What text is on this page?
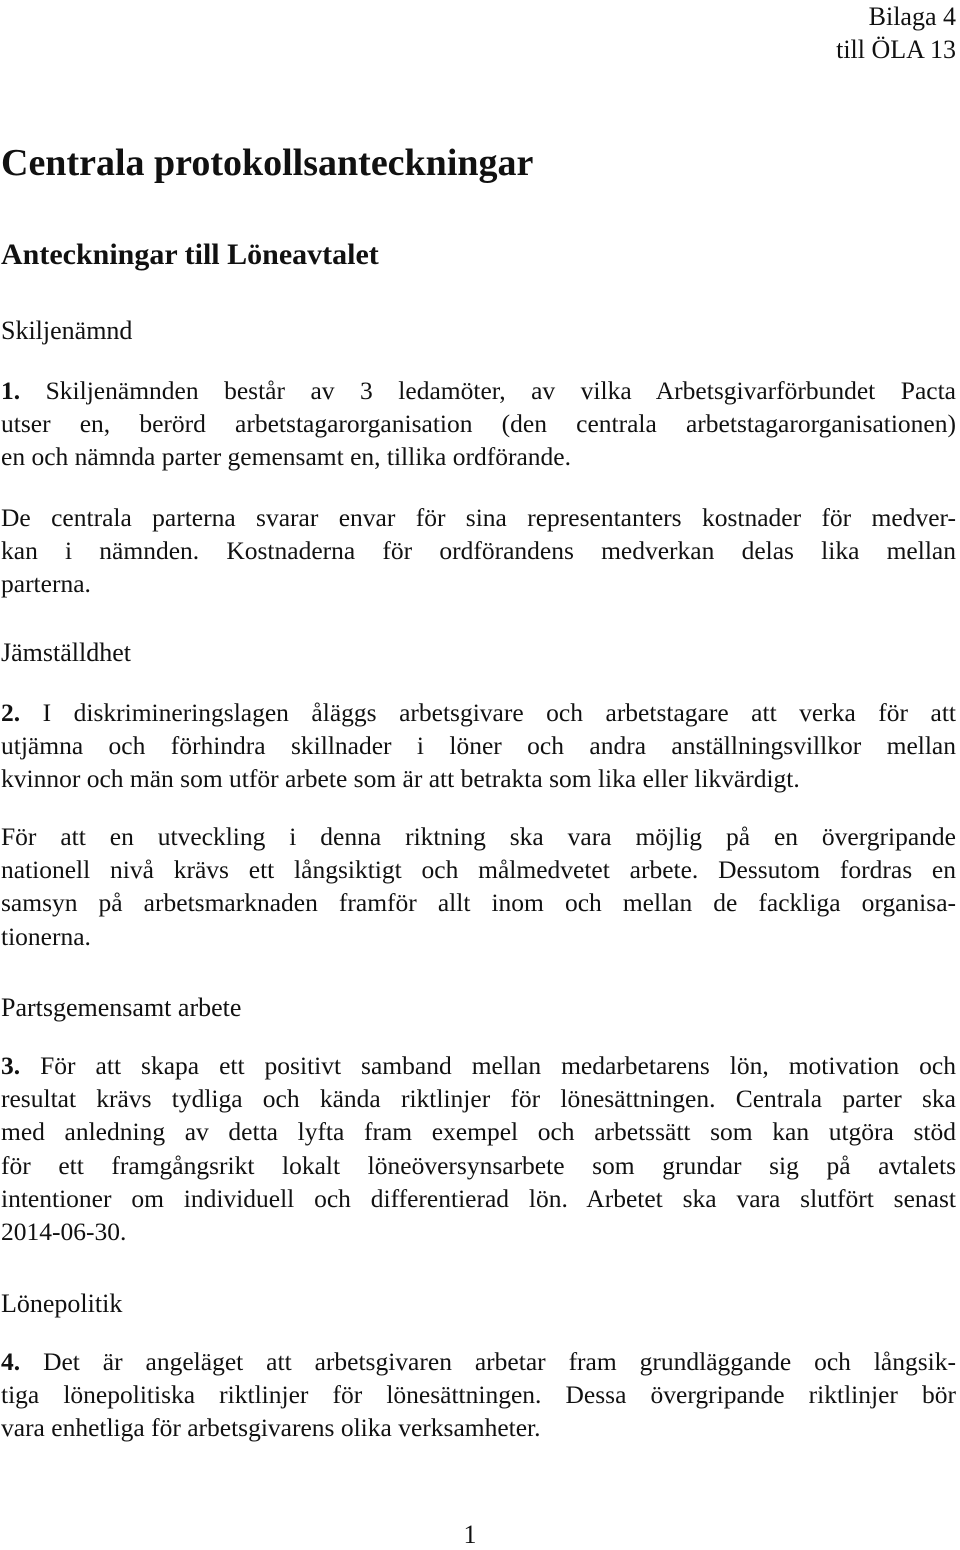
Bilaga 4
till ÖLA 13
Centrala protokollsanteckningar
Anteckningar till Löneavtalet
Skiljenämnd
1. Skiljenämnden består av 3 ledamöter, av vilka Arbetsgivarförbundet Pacta
utser en, berörd arbetstagarorganisation (den centrala arbetstagarorganisationen)
en och nämnda parter gemensamt en, tillika ordförande.
De centrala parterna svarar envar för sina representanters kostnader för medver-
kan i nämnden. Kostnaderna för ordförandens medverkan delas lika mellan
parterna.
Jämställdhet
2. I diskrimineringslagen åläggs arbetsgivare och arbetstagare att verka för att
utjämna och förhindra skillnader i löner och andra anställningsvillkor mellan
kvinnor och män som utför arbete som är att betrakta som lika eller likvärdigt.
För att en utveckling i denna riktning ska vara möjlig på en övergripande
nationell nivå krävs ett långsiktigt och målmedvetet arbete. Dessutom fordras en
samsyn på arbetsmarknaden framför allt inom och mellan de fackliga organisa-
tionerna.
Partsgemensamt arbete
3. För att skapa ett positivt samband mellan medarbetarens lön, motivation och
resultat krävs tydliga och kända riktlinjer för lönesättningen. Centrala parter ska
med anledning av detta lyfta fram exempel och arbetssätt som kan utgöra stöd
för ett framgångsrikt lokalt löneöversynsarbete som grundar sig på avtalets
intentioner om individuell och differentierad lön. Arbetet ska vara slutfört senast
2014-06-30.
Lönepolitik
4. Det är angeläget att arbetsgivaren arbetar fram grundläggande och långsik-
tiga lönepolitiska riktlinjer för lönesättningen. Dessa övergripande riktlinjer bör
vara enhetliga för arbetsgivarens olika verksamheter.
1
